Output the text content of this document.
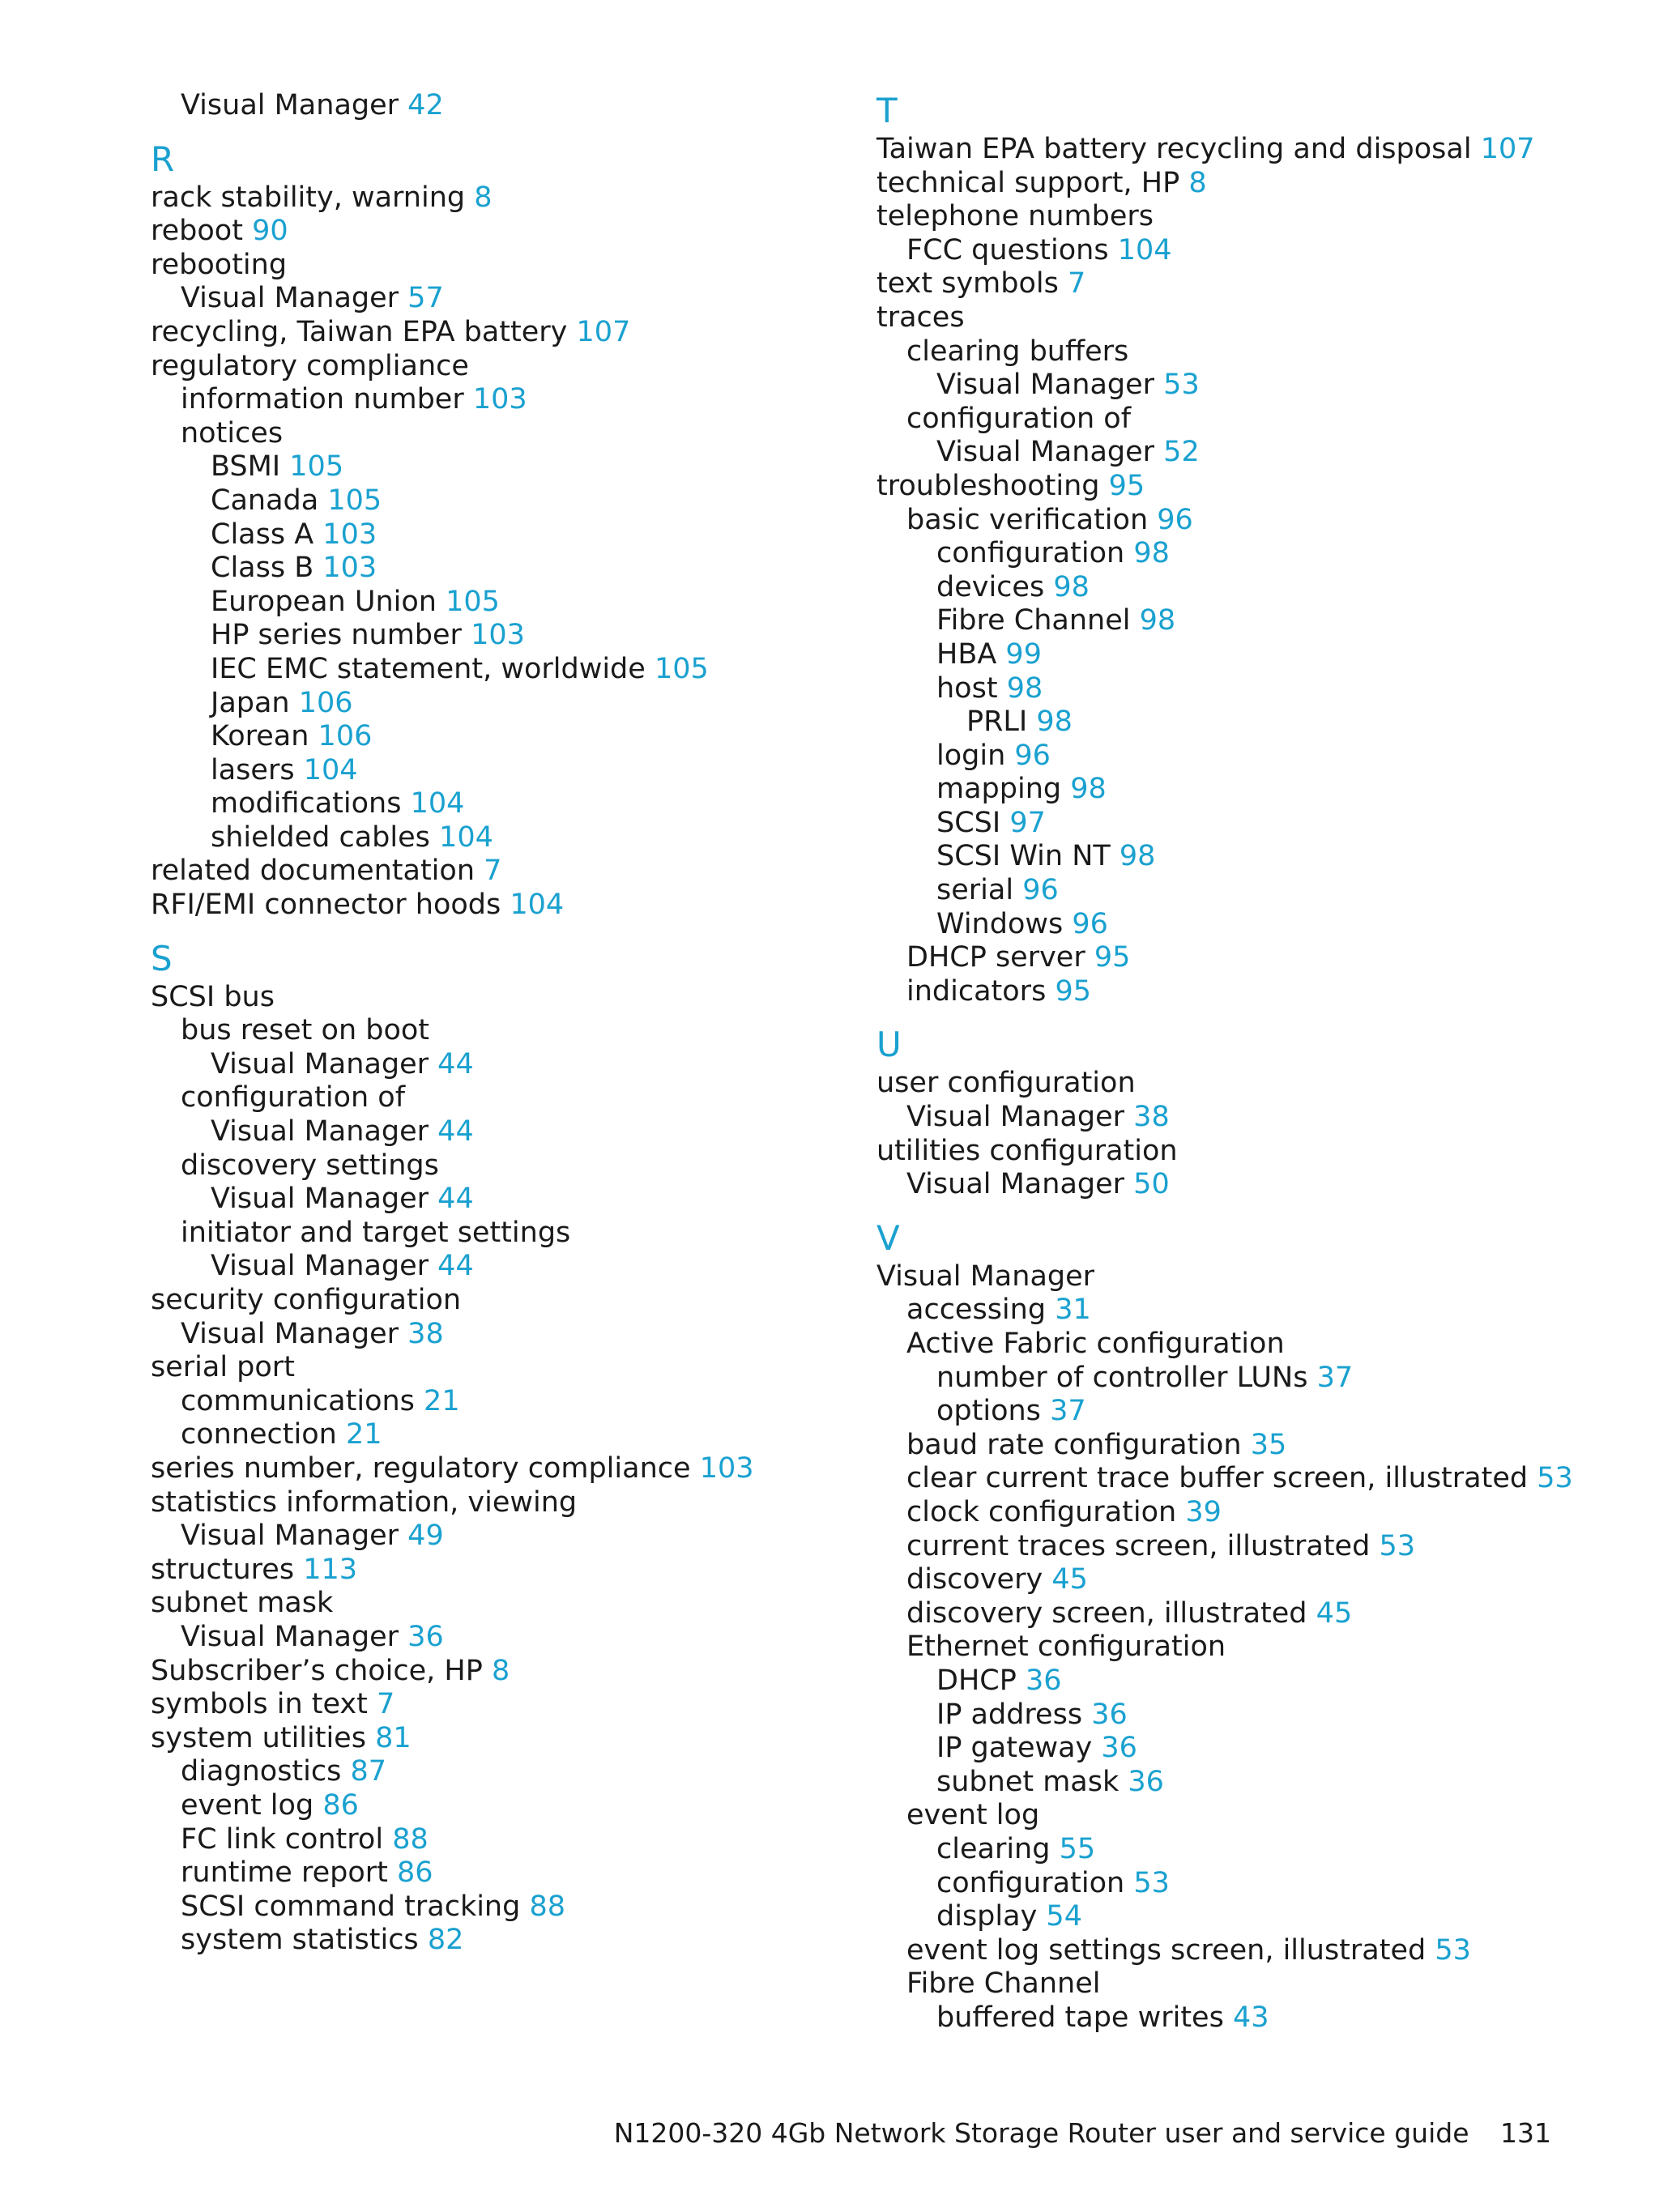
Visual Manager 42
R
rack stability, warning 8
reboot 90
rebooting
Visual Manager 57
recycling, Taiwan EPA battery 107
regulatory compliance
information number 103
notices
BSMI 105
Canada 105
Class A 103
Class B 103
European Union 105
HP series number 103
IEC EMC statement, worldwide 105
Japan 106
Korean 106
lasers 104
modifications 104
shielded cables 104
related documentation 7
RFI/EMI connector hoods 104
S
SCSI bus
bus reset on boot
Visual Manager 44
configuration of
Visual Manager 44
discovery settings
Visual Manager 44
initiator and target settings
Visual Manager 44
security configuration
Visual Manager 38
serial port
communications 21
connection 21
series number, regulatory compliance 103
statistics information, viewing
Visual Manager 49
structures 113
subnet mask
Visual Manager 36
Subscriber’s choice, HP 8
symbols in text 7
system utilities 81
diagnostics 87
event log 86
FC link control 88
runtime report 86
SCSI command tracking 88
system statistics 82
T
Taiwan EPA battery recycling and disposal 107
technical support, HP 8
telephone numbers
FCC questions 104
text symbols 7
traces
clearing buffers
Visual Manager 53
configuration of
Visual Manager 52
troubleshooting 95
basic verification 96
configuration 98
devices 98
Fibre Channel 98
HBA 99
host 98
PRLI 98
login 96
mapping 98
SCSI 97
SCSI Win NT 98
serial 96
Windows 96
DHCP server 95
indicators 95
U
user configuration
Visual Manager 38
utilities configuration
Visual Manager 50
V
Visual Manager
accessing 31
Active Fabric configuration
number of controller LUNs 37
options 37
baud rate configuration 35
clear current trace buffer screen, illustrated 53
clock configuration 39
current traces screen, illustrated 53
discovery 45
discovery screen, illustrated 45
Ethernet configuration
DHCP 36
IP address 36
IP gateway 36
subnet mask 36
event log
clearing 55
configuration 53
display 54
event log settings screen, illustrated 53
Fibre Channel
buffered tape writes 43
N1200-320 4Gb Network Storage Router user and service guide 131
